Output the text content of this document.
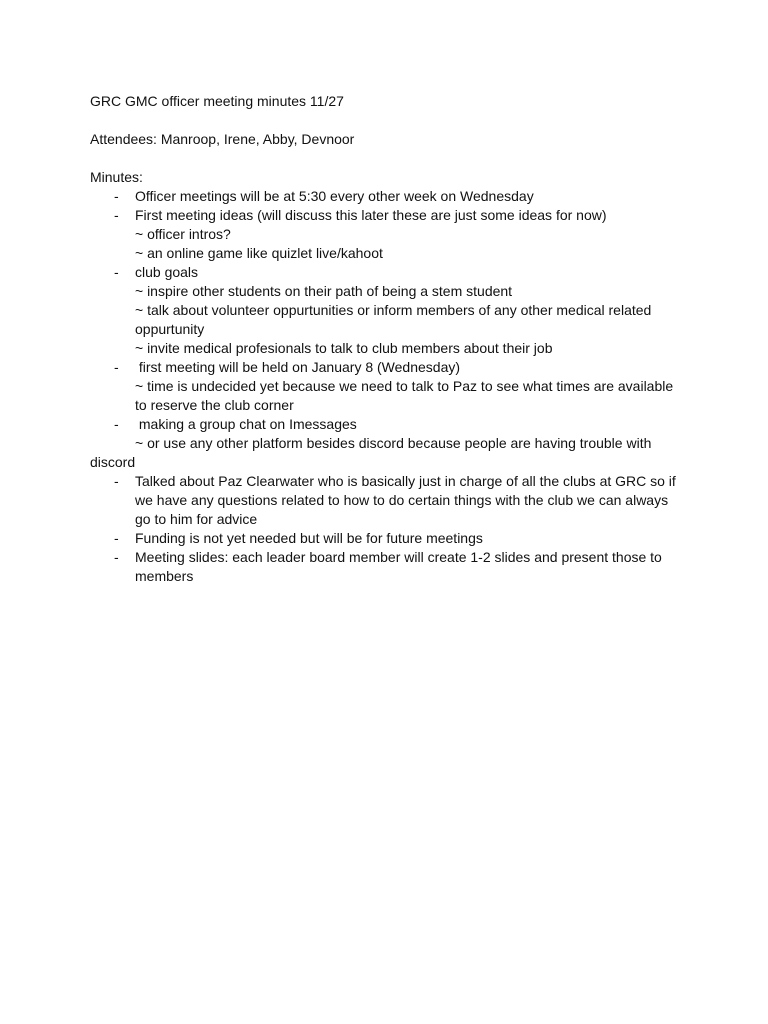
GRC GMC officer meeting minutes 11/27
Attendees: Manroop, Irene, Abby, Devnoor
Minutes:
- Officer meetings will be at 5:30 every other week on Wednesday
- First meeting ideas (will discuss this later these are just some ideas for now)
~ officer intros?
~ an online game like quizlet live/kahoot
- club goals
~ inspire other students on their path of being a stem student
~ talk about volunteer oppurtunities or inform members of any other medical related
oppurtunity
~ invite medical profesionals to talk to club members about their job
- first meeting will be held on January 8 (Wednesday)
~ time is undecided yet because we need to talk to Paz to see what times are available
to reserve the club corner
- making a group chat on Imessages
~ or use any other platform besides discord because people are having trouble with
discord
- Talked about Paz Clearwater who is basically just in charge of all the clubs at GRC so if
we have any questions related to how to do certain things with the club we can always
go to him for advice
- Funding is not yet needed but will be for future meetings
- Meeting slides: each leader board member will create 1-2 slides and present those to
members
